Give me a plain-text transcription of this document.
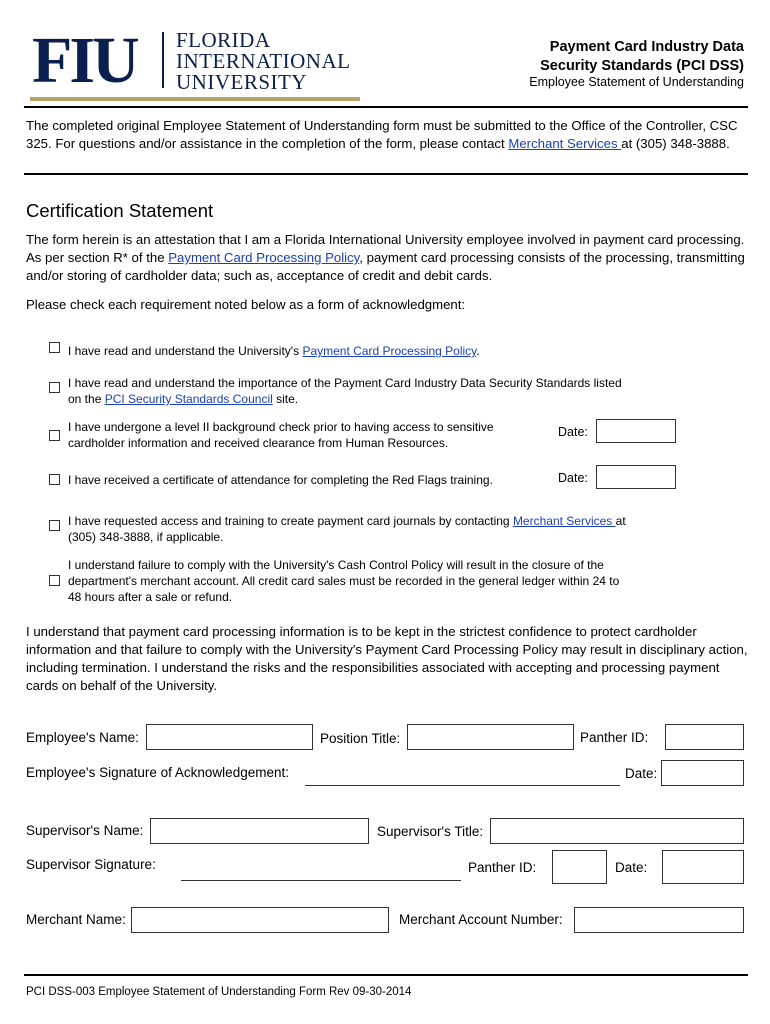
FIU	FLORIDA
INTERNATIONAL
UNIVERSITY
Payment Card Industry Data
Security Standards (PCI DSS)
Employee Statement of Understanding
The completed original Employee Statement of Understanding form must be submitted to the Office of the Controller, CSC 325. For questions and/or assistance in the completion of the form, please contact Merchant Services at (305) 348-3888.
Certification Statement
The form herein is an attestation that I am a Florida International University employee involved in payment card processing. As per section R* of the Payment Card Processing Policy, payment card processing consists of the processing, transmitting and/or storing of cardholder data; such as, acceptance of credit and debit cards.
Please check each requirement noted below as a form of acknowledgment:
I have read and understand the University's Payment Card Processing Policy.
I have read and understand the importance of the Payment Card Industry Data Security Standards listed
on the PCI Security Standards Council site.
I have undergone a level II background check prior to having access to sensitive
cardholder information and received clearance from Human Resources.
Date:
I have received a certificate of attendance for completing the Red Flags training.	Date:
I have requested access and training to create payment card journals by contacting Merchant Services at
(305) 348-3888, if applicable.
I understand failure to comply with the University's Cash Control Policy will result in the closure of the
department's merchant account. All credit card sales must be recorded in the general ledger within 24 to
48 hours after a sale or refund.
I understand that payment card processing information is to be kept in the strictest confidence to protect cardholder information and that failure to comply with the University's Payment Card Processing Policy may result in disciplinary action, including termination. I understand the risks and the responsibilities associated with accepting and processing payment cards on behalf of the University.
Employee's Name:	Position Title:	Panther ID:
Employee's Signature of Acknowledgement:	Date:
Supervisor's Name:	Supervisor's Title:
Supervisor Signature:	Panther ID:	Date:
Merchant Name:	Merchant Account Number:
PCI DSS-003 Employee Statement of Understanding Form Rev 09-30-2014
